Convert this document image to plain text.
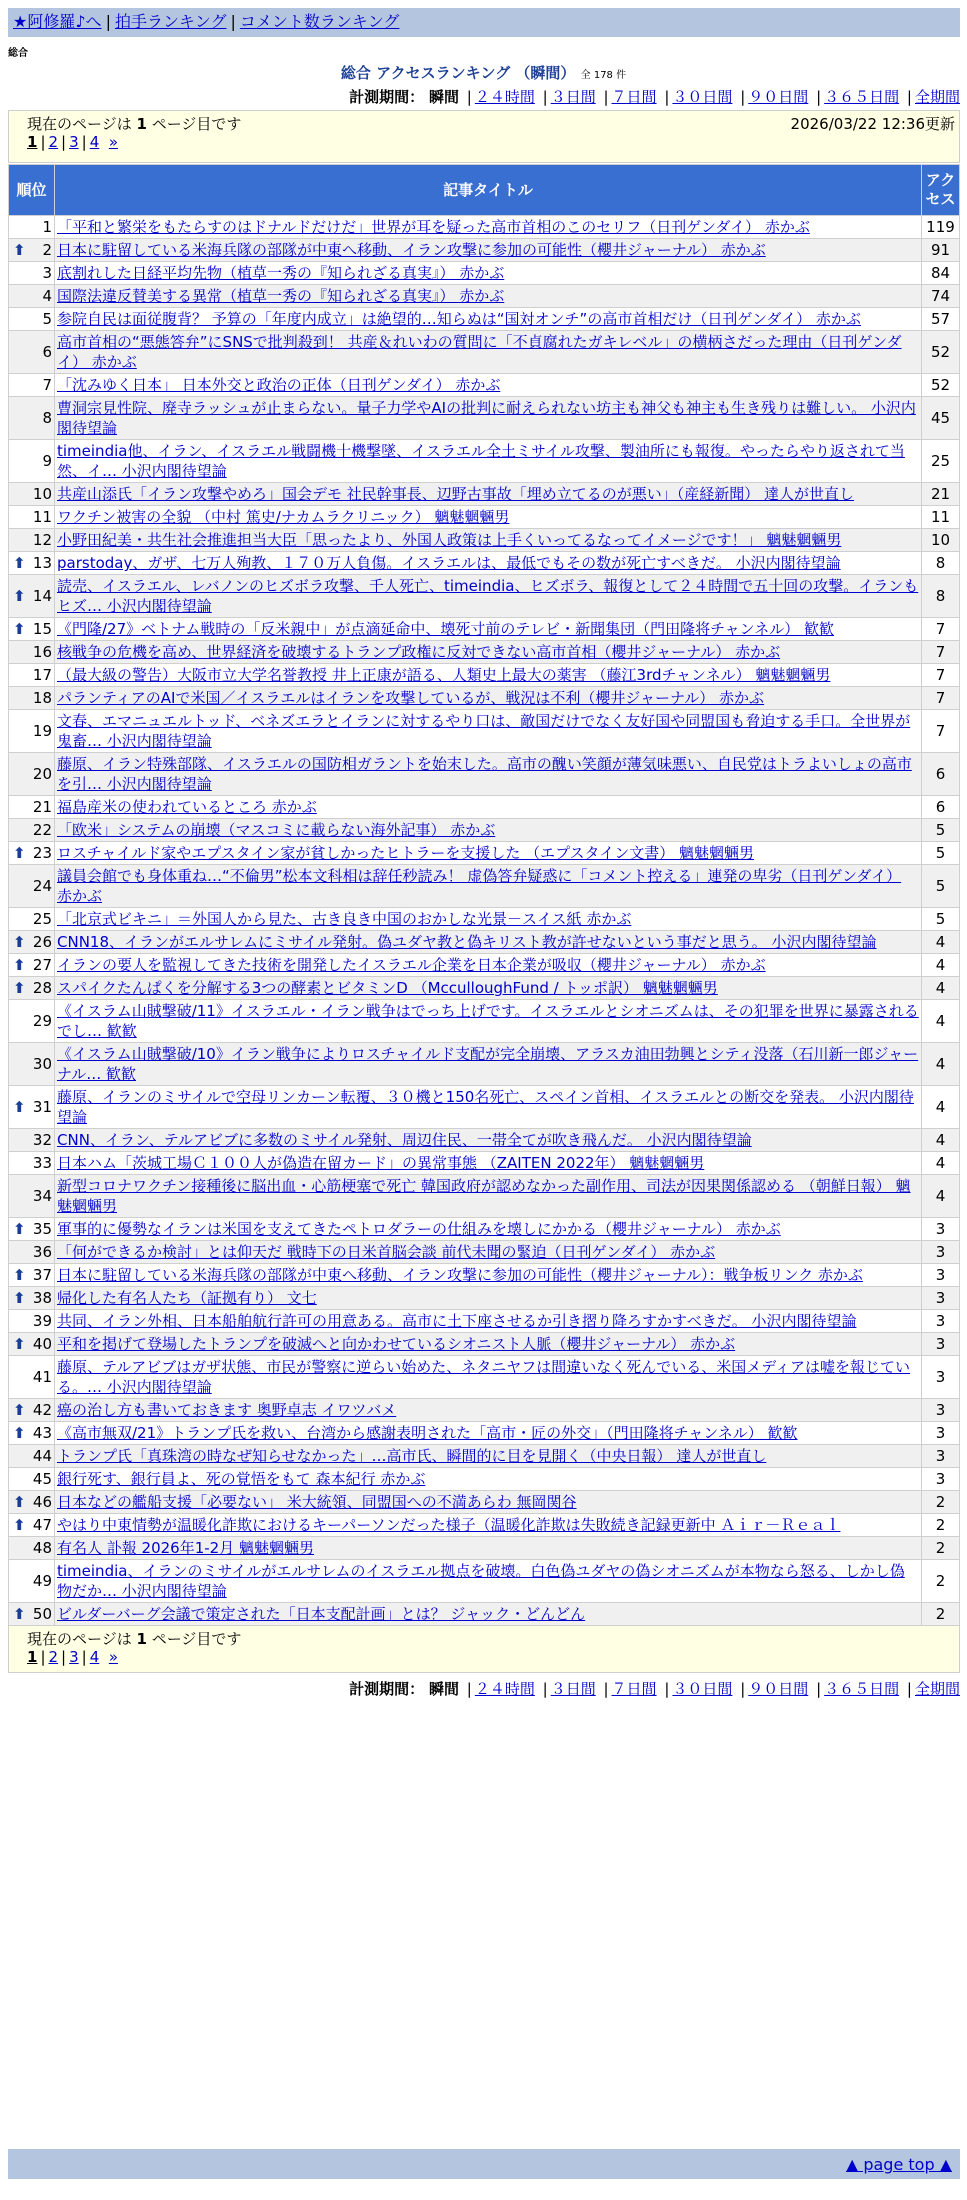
★阿修羅♪へ | 拍手ランキング | コメント数ランキング
総合
総合 アクセスランキング （瞬間） 全 178 件
計測期間： 瞬間 | ２４時間 | ３日間 | ７日間 | ３０日間 | ９０日間 | ３６５日間 | 全期間
現在のページは 1 ページ目です	2026/03/22 12:36更新
1 | 2 | 3 | 4 »
順位	記事タイトル	アクセス
1	「平和と繁栄をもたらすのはドナルドだけだ」世界が耳を疑った高市首相のこのセリフ（日刊ゲンダイ） 赤かぶ	119

⬆ 2	日本に駐留している米海兵隊の部隊が中東へ移動、イラン攻撃に参加の可能性（櫻井ジャーナル） 赤かぶ	91
3	底割れした日経平均先物（植草一秀の『知られざる真実』） 赤かぶ	84
4	国際法違反賛美する異常（植草一秀の『知られざる真実』） 赤かぶ	74
5	参院自民は面従腹背？ 予算の「年度内成立」は絶望的…知らぬは“国対オンチ”の高市首相だけ（日刊ゲンダイ） 赤かぶ	57
6	高市首相の“悪態答弁”にSNSで批判殺到！ 共産＆れいわの質問に「不貞腐れたガキレベル」の横柄さだった理由（日刊ゲンダイ） 赤かぶ	52
7	「沈みゆく日本」 日本外交と政治の正体（日刊ゲンダイ） 赤かぶ	52
8	曹洞宗見性院、廃寺ラッシュが止まらない。量子力学やAIの批判に耐えられない坊主も神父も神主も生き残りは難しい。 小沢内閣待望論	45
9	timeindia他、イラン、イスラエル戦闘機十機撃墜、イスラエル全土ミサイル攻撃、製油所にも報復。やったらやり返されて当然、イ… 小沢内閣待望論	25
10	共産山添氏「イラン攻撃やめろ」国会デモ 社民幹事長、辺野古事故「埋め立てるのが悪い」（産経新聞） 達人が世直し	21
11	ワクチン被害の全貌 （中村 篤史/ナカムラクリニック） 魑魅魍魎男	11
12	小野田紀美・共生社会推進担当大臣「思ったより、外国人政策は上手くいってるなってイメージです！」 魑魅魍魎男	10

⬆ 13	parstoday、ガザ、七万人殉教、１７０万人負傷。イスラエルは、最低でもその数が死亡すべきだ。 小沢内閣待望論	8

⬆ 14	読売、イスラエル、レバノンのヒズボラ攻撃、千人死亡、timeindia、ヒズボラ、報復として２４時間で五十回の攻撃。イランもヒズ… 小沢内閣待望論	8

⬆ 15	《門隆/27》ベトナム戦時の「反米親中」が点滴延命中、壊死寸前のテレビ・新聞集団（門田隆将チャンネル） 歓歓	7
16	核戦争の危機を高め、世界経済を破壊するトランプ政権に反対できない高市首相（櫻井ジャーナル） 赤かぶ	7
17	（最大級の警告）大阪市立大学名誉教授 井上正康が語る、人類史上最大の薬害 （藤江3rdチャンネル） 魑魅魍魎男	7
18	パランティアのAIで米国／イスラエルはイランを攻撃しているが、戦況は不利（櫻井ジャーナル） 赤かぶ	7
19	文春、エマニュエルトッド、ベネズエラとイランに対するやり口は、敵国だけでなく友好国や同盟国も脅迫する手口。全世界が鬼畜… 小沢内閣待望論	7
20	藤原、イラン特殊部隊、イスラエルの国防相ガラントを始末した。高市の醜い笑顔が薄気味悪い、自民党はトラよいしょの高市を引… 小沢内閣待望論	6
21	福島産米の使われているところ 赤かぶ	6
22	「欧米」システムの崩壊（マスコミに載らない海外記事） 赤かぶ	5

⬆ 23	ロスチャイルド家やエプスタイン家が貧しかったヒトラーを支援した （エプスタイン文書） 魑魅魍魎男	5
24	議員会館でも身体重ね…“不倫男”松本文科相は辞任秒読み！ 虚偽答弁疑惑に「コメント控える」連発の卑劣（日刊ゲンダイ） 赤かぶ	5
25	「北京式ビキニ」＝外国人から見た、古き良き中国のおかしな光景－スイス紙 赤かぶ	5

⬆ 26	CNN18、イランがエルサレムにミサイル発射。偽ユダヤ教と偽キリスト教が許せないという事だと思う。 小沢内閣待望論	4

⬆ 27	イランの要人を監視してきた技術を開発したイスラエル企業を日本企業が吸収（櫻井ジャーナル） 赤かぶ	4

⬆ 28	スパイクたんぱくを分解する3つの酵素とビタミンD （McculloughFund / トッポ訳） 魑魅魍魎男	4
29	《イスラム山賊撃破/11》イスラエル・イラン戦争はでっち上げです。イスラエルとシオニズムは、その犯罪を世界に暴露されるでし… 歓歓	4
30	《イスラム山賊撃破/10》イラン戦争によりロスチャイルド支配が完全崩壊、アラスカ油田勃興とシティ没落（石川新一郎ジャーナル… 歓歓	4

⬆ 31	藤原、イランのミサイルで空母リンカーン転覆、３０機と150名死亡、スペイン首相、イスラエルとの断交を発表。 小沢内閣待望論	4
32	CNN、イラン、テルアビブに多数のミサイル発射、周辺住民、一帯全てが吹き飛んだ。 小沢内閣待望論	4
33	日本ハム「茨城工場Ｃ１００人が偽造在留カード」の異常事態 （ZAITEN 2022年） 魑魅魍魎男	4
34	新型コロナワクチン接種後に脳出血・心筋梗塞で死亡 韓国政府が認めなかった副作用、司法が因果関係認める （朝鮮日報） 魑魅魍魎男	4

⬆ 35	軍事的に優勢なイランは米国を支えてきたペトロダラーの仕組みを壊しにかかる（櫻井ジャーナル） 赤かぶ	3
36	「何ができるか検討」とは仰天だ 戦時下の日米首脳会談 前代未聞の緊迫（日刊ゲンダイ） 赤かぶ	3

⬆ 37	日本に駐留している米海兵隊の部隊が中東へ移動、イラン攻撃に参加の可能性（櫻井ジャーナル）：戦争板リンク 赤かぶ	3

⬆ 38	帰化した有名人たち（証拠有り） 文七	3
39	共同、イラン外相、日本船舶航行許可の用意ある。高市に土下座させるか引き摺り降ろすかすべきだ。 小沢内閣待望論	3

⬆ 40	平和を掲げて登場したトランプを破滅へと向かわせているシオニスト人脈（櫻井ジャーナル） 赤かぶ	3
41	藤原、テルアビブはガザ状態、市民が警察に逆らい始めた、ネタニヤフは間違いなく死んでいる、米国メディアは嘘を報じている。… 小沢内閣待望論	3

⬆ 42	癌の治し方も書いておきます 奥野卓志 イワツバメ	3

⬆ 43	《高市無双/21》トランプ氏を救い、台湾から感謝表明された「高市・匠の外交」（門田隆将チャンネル） 歓歓	3
44	トランプ氏「真珠湾の時なぜ知らせなかった」…高市氏、瞬間的に目を見開く（中央日報） 達人が世直し	3
45	銀行死す、銀行員よ、死の覚悟をもて 森本紀行 赤かぶ	3

⬆ 46	日本などの艦船支援「必要ない」 米大統領、同盟国への不満あらわ 無岡関谷	2

⬆ 47	やはり中東情勢が温暖化詐欺におけるキーパーソンだった様子（温暖化詐欺は失敗続き記録更新中 Ａｉｒ－Ｒｅａｌ	2
48	有名人 訃報 2026年1-2月 魑魅魍魎男	2
49	timeindia、イランのミサイルがエルサレムのイスラエル拠点を破壊。白色偽ユダヤの偽シオニズムが本物なら怒る、しかし偽物だか… 小沢内閣待望論	2

⬆ 50	ビルダーバーグ会議で策定された「日本支配計画」とは？ ジャック・どんどん	2
現在のページは 1 ページ目です
1 | 2 | 3 | 4 »
計測期間： 瞬間 | ２４時間 | ３日間 | ７日間 | ３０日間 | ９０日間 | ３６５日間 | 全期間
▲ page top ▲
